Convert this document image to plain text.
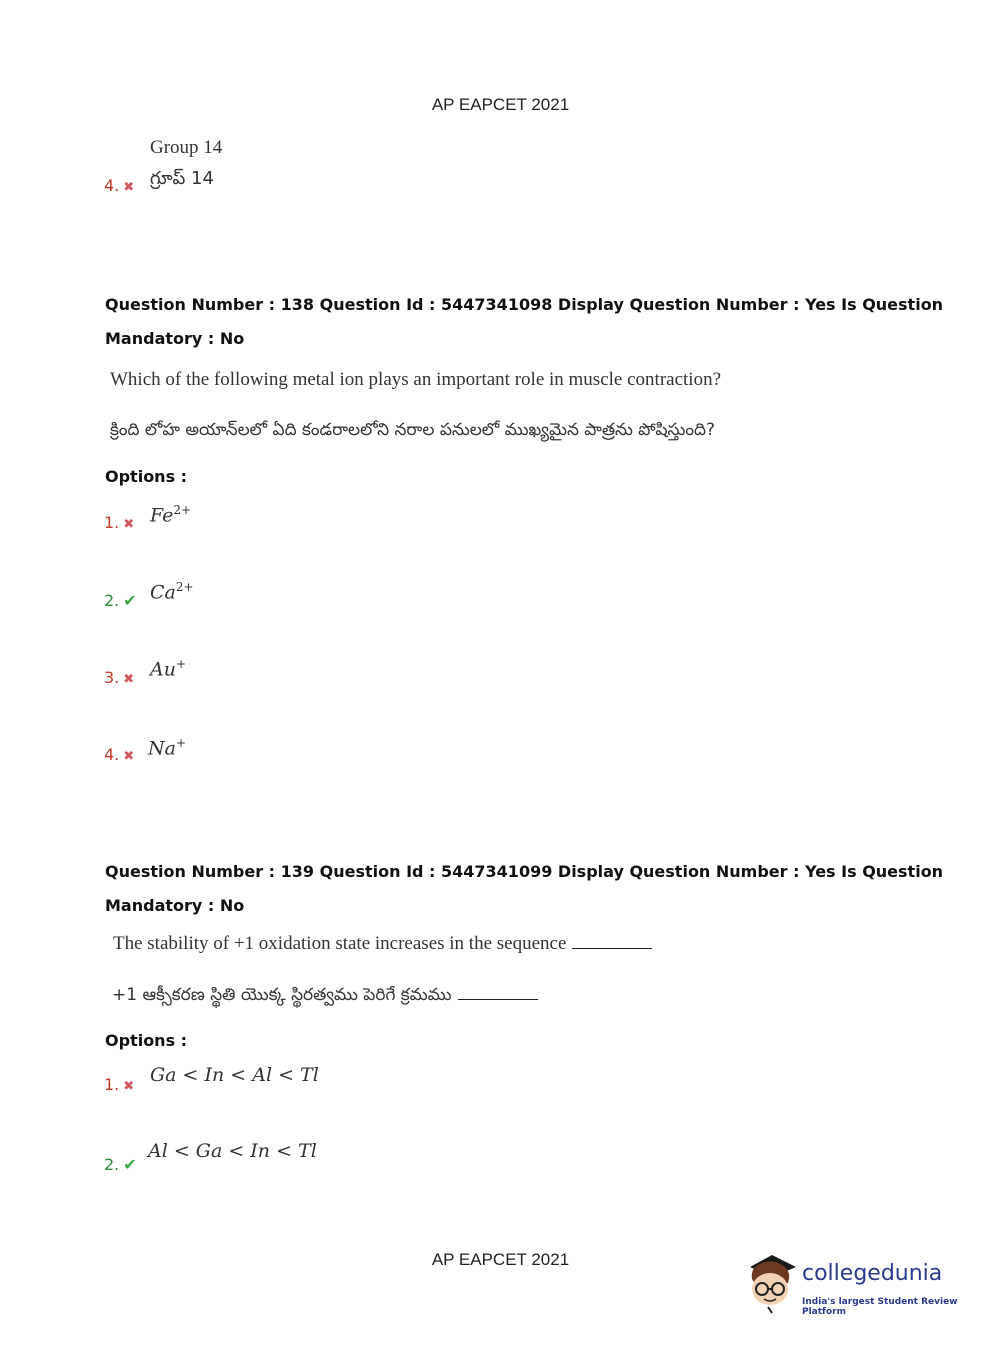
AP EAPCET 2021
Group 14
4. ✖ గ్రూప్ 14
Question Number : 138 Question Id : 5447341098 Display Question Number : Yes Is Question
Mandatory : No
Which of the following metal ion plays an important role in muscle contraction?
క్రింది లోహ అయాన్‌లలో ఏది కండరాలలోని నరాల పనులలో ముఖ్యమైన పాత్రను పోషిస్తుంది?
Options :
1. ✖ $Fe^{2+}$
2. ✔ $Ca^{2+}$
3. ✖ Au+
4. ✖ Na+
Question Number : 139 Question Id : 5447341099 Display Question Number : Yes Is Question
Mandatory : No
The stability of +1 oxidation state increases in the sequence
+1 ఆక్సీకరణ స్థితి యొక్క స్థిరత్వము పెరిగే క్రమము
Options :
1. ✖ Ga < In < Al < Tl
2. ✔
Al < Ga < In < Tl
AP EAPCET 2021
collegedunia
India's largest Student Review Platform
